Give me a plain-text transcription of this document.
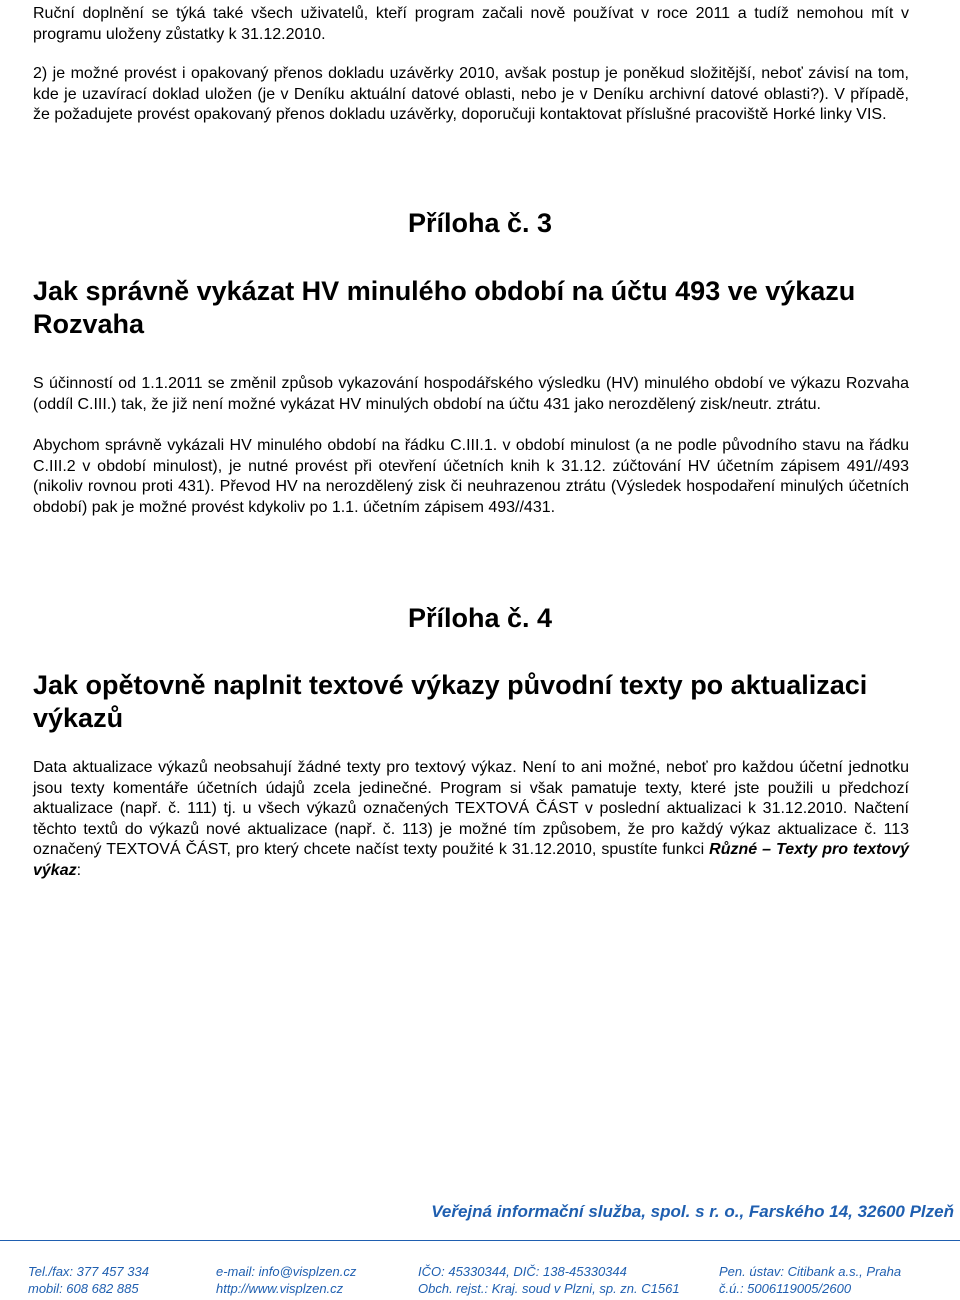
Ruční doplnění se týká také všech uživatelů, kteří program začali nově používat v roce 2011 a tudíž nemohou mít v programu uloženy zůstatky k 31.12.2010.

2) je možné provést i opakovaný přenos dokladu uzávěrky 2010, avšak postup je poněkud složitější, neboť závisí na tom, kde je uzavírací doklad uložen (je v Deníku aktuální datové oblasti, nebo je v Deníku archivní datové oblasti?). V případě, že požadujete provést opakovaný přenos dokladu uzávěrky, doporučuji kontaktovat příslušné pracoviště Horké linky VIS.

Příloha č. 3
Jak správně vykázat HV minulého období na účtu 493 ve výkazu Rozvaha

S účinností od 1.1.2011 se změnil způsob vykazování hospodářského výsledku (HV) minulého období ve výkazu Rozvaha (oddíl C.III.) tak, že již není možné vykázat HV minulých období na účtu 431 jako nerozdělený zisk/neutr. ztrátu.

Abychom správně vykázali HV minulého období na řádku C.III.1. v období minulost (a ne podle původního stavu na řádku C.III.2 v období minulost), je nutné provést při otevření účetních knih k 31.12. zúčtování HV účetním zápisem 491//493 (nikoliv rovnou proti 431). Převod HV na nerozdělený zisk či neuhrazenou ztrátu (Výsledek hospodaření minulých účetních období) pak je možné provést kdykoliv po 1.1. účetním zápisem 493//431.

Příloha č. 4
Jak opětovně naplnit textové výkazy původní texty po aktualizaci výkazů

Data aktualizace výkazů neobsahují žádné texty pro textový výkaz. Není to ani možné, neboť pro každou účetní jednotku jsou texty komentáře účetních údajů zcela jedinečné. Program si však pamatuje texty, které jste použili u předchozí aktualizace (např. č. 111) tj. u všech výkazů označených TEXTOVÁ ČÁST v poslední aktualizaci k 31.12.2010. Načtení těchto textů do výkazů nové aktualizace (např. č. 113) je možné tím způsobem, že pro každý výkaz aktualizace č. 113 označený TEXTOVÁ ČÁST, pro který chcete načíst texty použité k 31.12.2010, spustíte funkci Různé – Texty pro textový výkaz:

Veřejná informační služba, spol. s r. o., Farského 14, 32600 Plzeň
Tel./fax: 377 457 334
mobil: 608 682 885
e-mail: info@visplzen.cz
http://www.visplzen.cz
IČO: 45330344, DIČ: 138-45330344
Obch. rejst.: Kraj. soud v Plzni, sp. zn. C1561
Pen. ústav: Citibank a.s., Praha
č.ú.: 5006119005/2600
